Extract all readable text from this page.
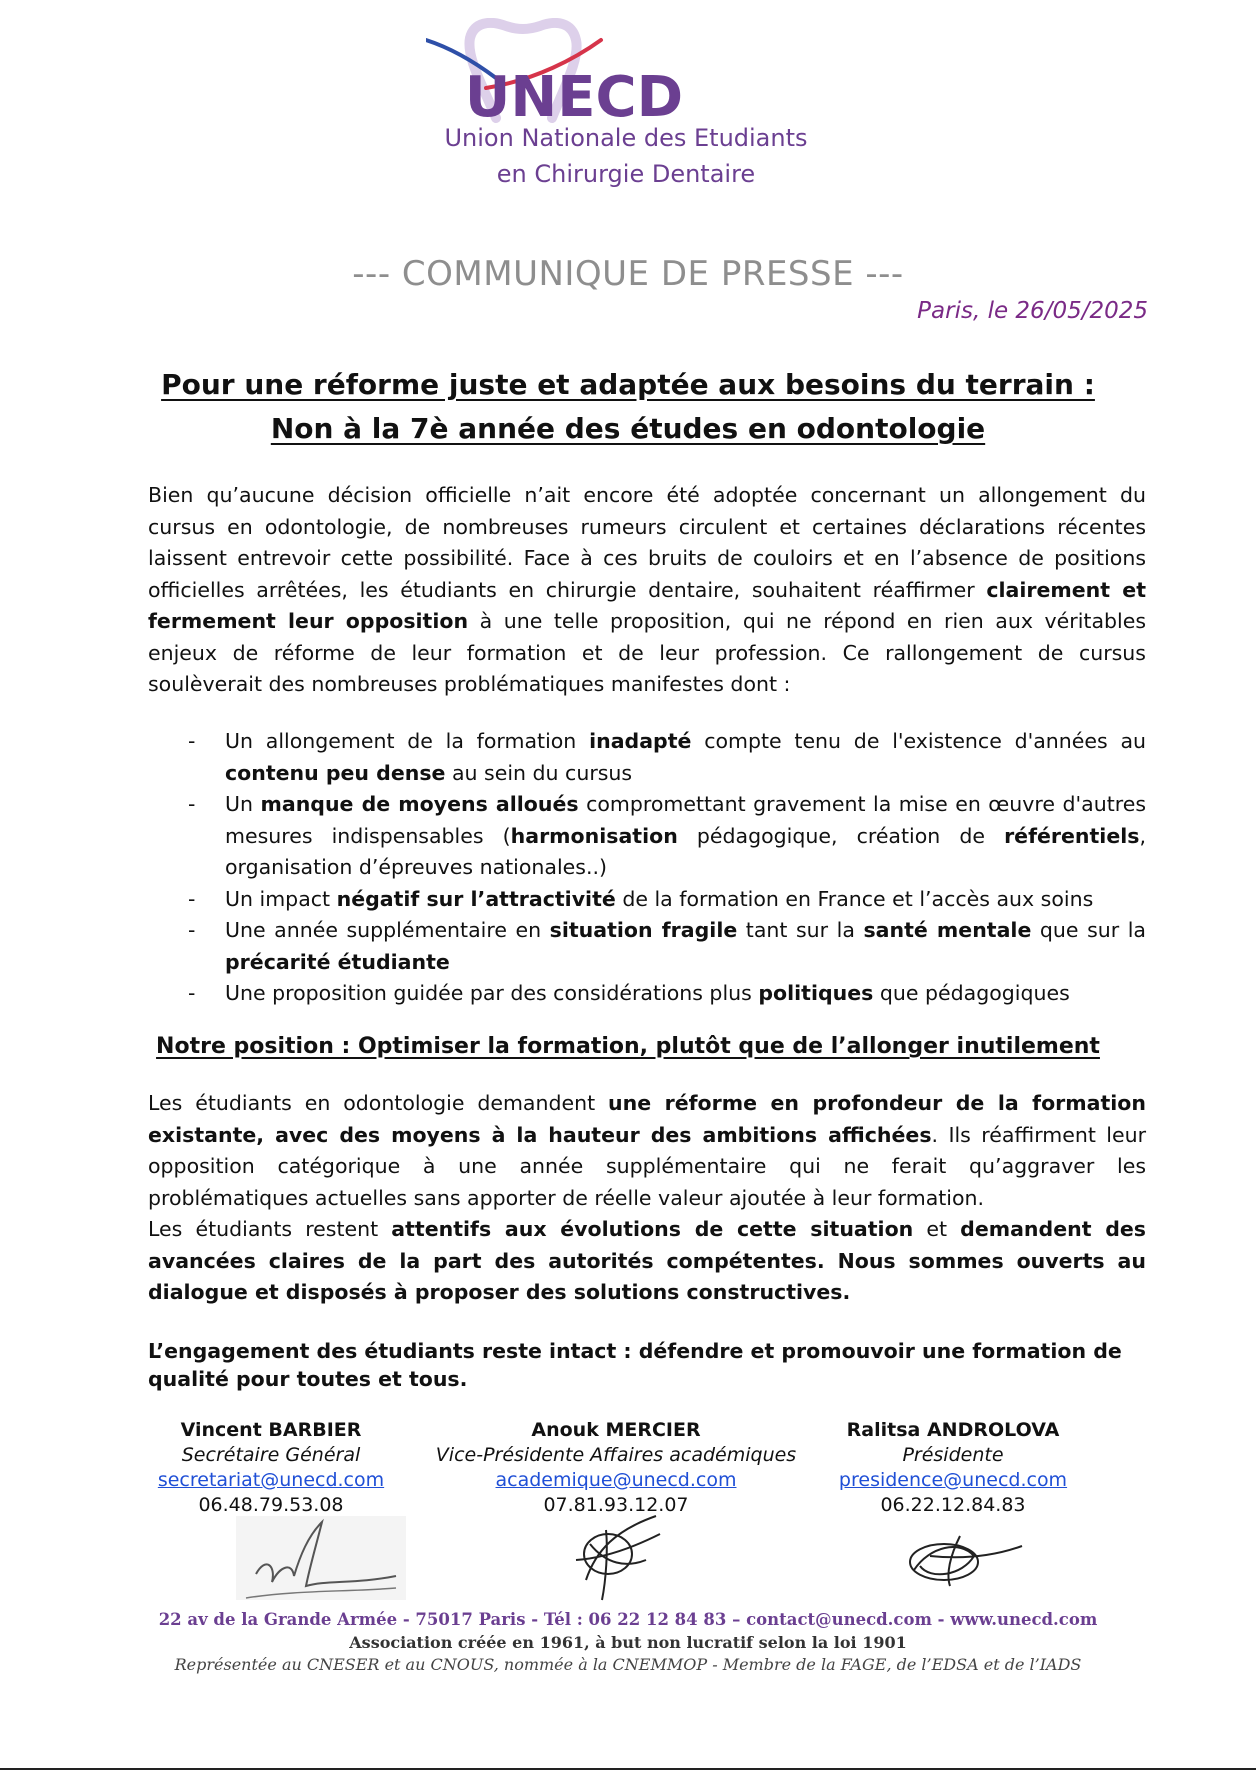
UNECD
Union Nationale des Etudiants
en Chirurgie Dentaire
--- COMMUNIQUE DE PRESSE ---
Paris, le 26/05/2025
Pour une réforme juste et adaptée aux besoins du terrain :
Non à la 7è année des études en odontologie
Bien qu’aucune décision officielle n’ait encore été adoptée concernant un allongement du cursus en odontologie, de nombreuses rumeurs circulent et certaines déclarations récentes laissent entrevoir cette possibilité. Face à ces bruits de couloirs et en l’absence de positions officielles arrêtées, les étudiants en chirurgie dentaire, souhaitent réaffirmer clairement et fermement leur opposition à une telle proposition, qui ne répond en rien aux véritables enjeux de réforme de leur formation et de leur profession. Ce rallongement de cursus soulèverait des nombreuses problématiques manifestes dont :
- Un allongement de la formation inadapté compte tenu de l'existence d'années au contenu peu dense au sein du cursus
- Un manque de moyens alloués compromettant gravement la mise en œuvre d'autres mesures indispensables (harmonisation pédagogique, création de référentiels, organisation d’épreuves nationales..)
- Un impact négatif sur l’attractivité de la formation en France et l’accès aux soins
- Une année supplémentaire en situation fragile tant sur la santé mentale que sur la précarité étudiante
- Une proposition guidée par des considérations plus politiques que pédagogiques
Notre position : Optimiser la formation, plutôt que de l’allonger inutilement
Les étudiants en odontologie demandent une réforme en profondeur de la formation existante, avec des moyens à la hauteur des ambitions affichées. Ils réaffirment leur opposition catégorique à une année supplémentaire qui ne ferait qu’aggraver les problématiques actuelles sans apporter de réelle valeur ajoutée à leur formation.
Les étudiants restent attentifs aux évolutions de cette situation et demandent des avancées claires de la part des autorités compétentes. Nous sommes ouverts au dialogue et disposés à proposer des solutions constructives.
L’engagement des étudiants reste intact : défendre et promouvoir une formation de qualité pour toutes et tous.
Vincent BARBIER
Secrétaire Général
secretariat@unecd.com
06.48.79.53.08
Anouk MERCIER
Vice-Présidente Affaires académiques
academique@unecd.com
07.81.93.12.07
Ralitsa ANDROLOVA
Présidente
presidence@unecd.com
06.22.12.84.83
22 av de la Grande Armée - 75017 Paris - Tél : 06 22 12 84 83 – contact@unecd.com - www.unecd.com
Association créée en 1961, à but non lucratif selon la loi 1901
Représentée au CNESER et au CNOUS, nommée à la CNEMMOP - Membre de la FAGE, de l’EDSA et de l’IADS
